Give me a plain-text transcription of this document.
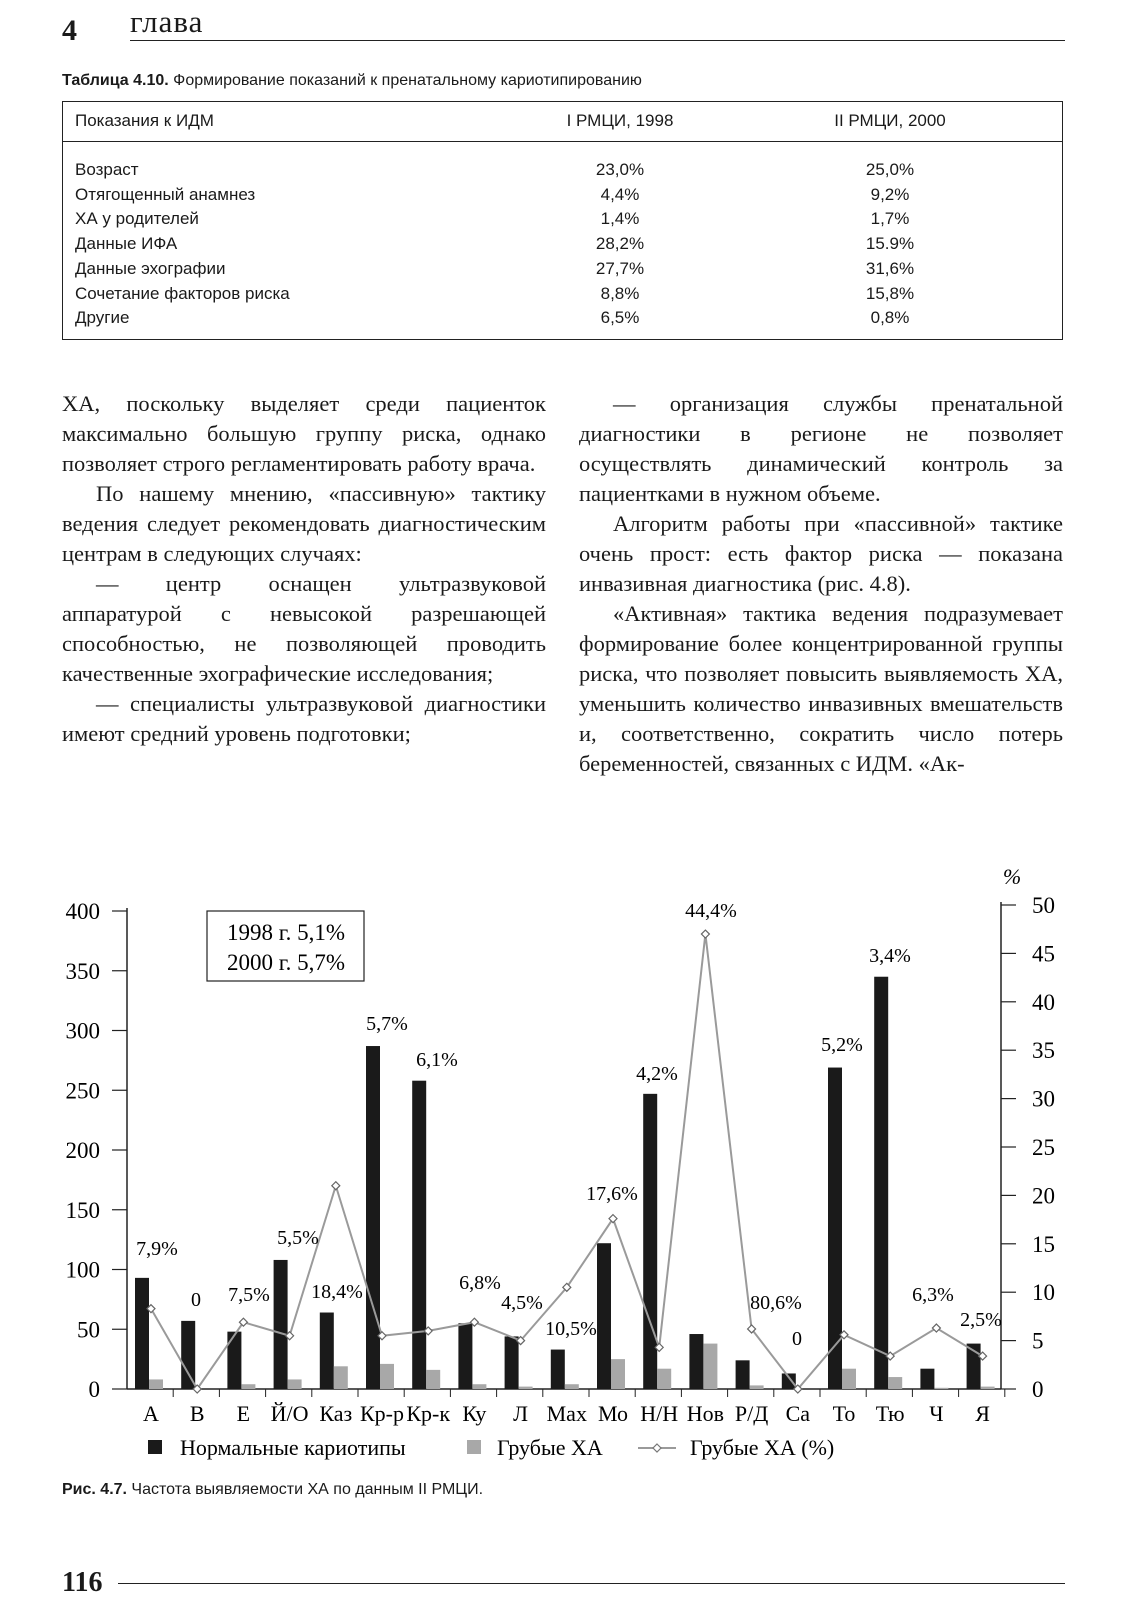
4 глава
Таблица 4.10. Формирование показаний к пренатальному кариотипированию
Показания к ИДМ	I РМЦИ, 1998	II РМЦИ, 2000
Возраст	23,0%	25,0%
Отягощенный анамнез	4,4%	9,2%
ХА у родителей	1,4%	1,7%
Данные ИФА	28,2%	15.9%
Данные эхографии	27,7%	31,6%
Сочетание факторов риска	8,8%	15,8%
Другие	6,5%	0,8%

ХА, поскольку выделяет среди пациенток максимально большую группу риска, однако позволяет строго регламентировать работу врача.

По нашему мнению, «пассивную» тактику ведения следует рекомендовать диагностическим центрам в следующих случаях:

— центр оснащен ультразвуковой аппаратурой с невысокой разрешающей способностью, не позволяющей проводить качественные эхографические исследования;

— специалисты ультразвуковой диагностики имеют средний уровень подготовки;

— организация службы пренатальной диагностики в регионе не позволяет осуществлять динамический контроль за пациентками в нужном объеме.

Алгоритм работы при «пассивной» тактике очень прост: есть фактор риска — показана инвазивная диагностика (рис. 4.8).

«Активная» тактика ведения подразумевает формирование более концентрированной группы риска, что позволяет повысить выявляемость ХА, уменьшить количество инвазивных вмешательств и, соответственно, сократить число потерь беременностей, связанных с ИДМ. «Ак-

0
50
100
150
200
250
300
350
400
0
5
10
15
20
25
30
35
40
45
50
%
7,9%
0 7,5%
5,5%
18,4%
5,7%
6,1%
6,8%
4,5%
10,5%
17,6%
4,2%
44,4%
80,6%
0
5,2%
3,4%
6,3%
2,5%
А В Е Й/О Каз Кр-р Кр-к Ку Л Мах Мо Н/Н Нов Р/Д Са То Тю Ч Я
1998 г. 5,1%
2000 г. 5,7%
Нормальные кариотипы	Грубые ХА	Грубые ХА (%)
Рис. 4.7. Частота выявляемости ХА по данным II РМЦИ.
116
